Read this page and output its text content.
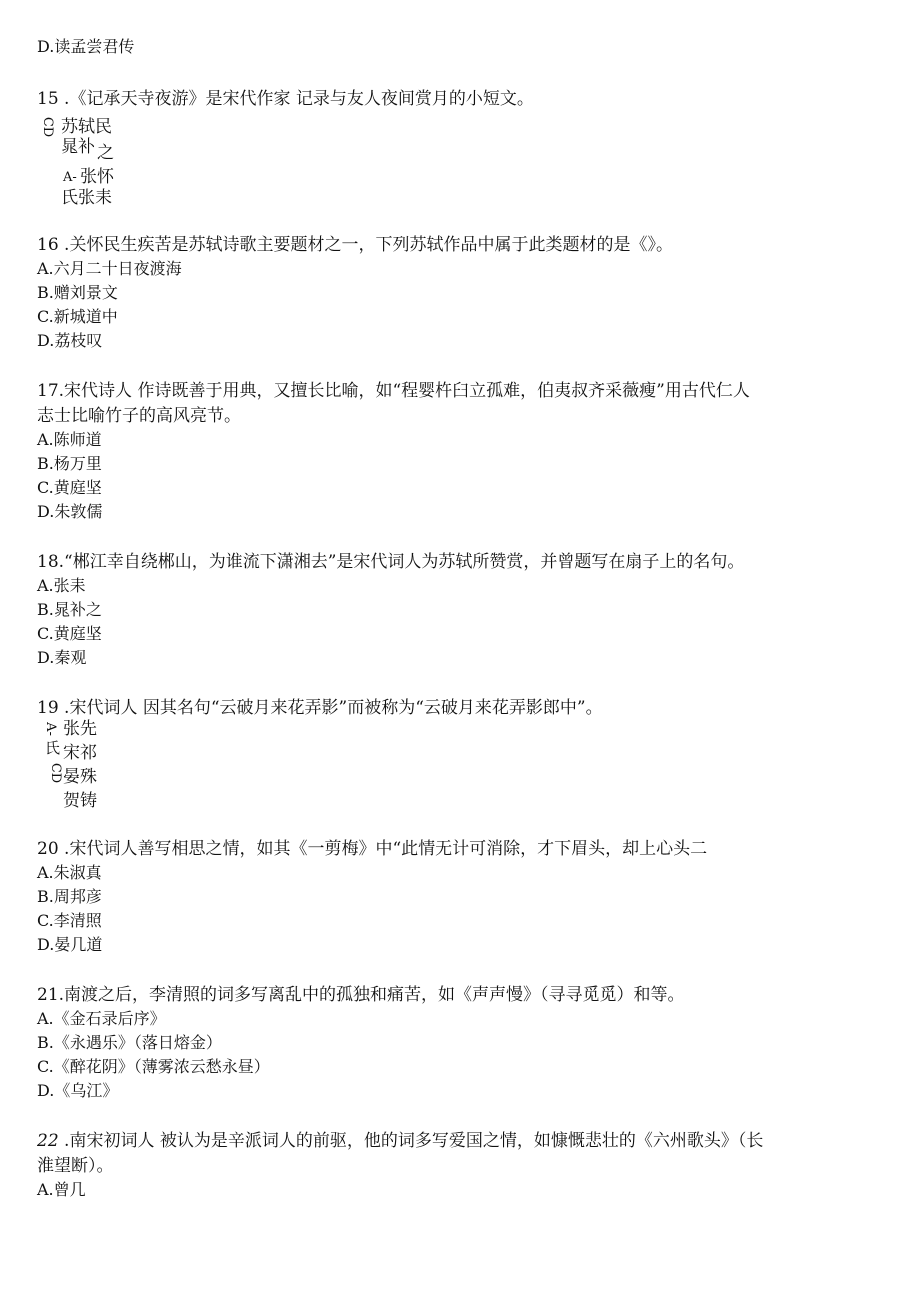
D.读孟尝君传
15 .《记承天寺夜游》是宋代作家 记录与友人夜间赏月的小短文。
CD 苏轼民
晁补 之
A- 张怀
氏张耒
16 .关怀民生疾苦是苏轼诗歌主要题材之一，下列苏轼作品中属于此类题材的是《》。
A.六月二十日夜渡海
B.赠刘景文
C.新城道中
D.荔枝叹
17.宋代诗人 作诗既善于用典，又擅长比喻，如“程婴杵臼立孤难，伯夷叔齐采薇瘦”用古代仁人
志士比喻竹子的高风亮节。
A.陈师道
B.杨万里
C.黄庭坚
D.朱敦儒
18.“郴江幸自绕郴山，为谁流下潇湘去”是宋代词人为苏轼所赞赏，并曾题写在扇子上的名句。
A.张耒
B.晁补之
C.黄庭坚
D.秦观
19 .宋代词人 因其名句“云破月来花弄影”而被称为“云破月来花弄影郎中”。
A- 张先
氏 宋祁
CD 晏殊
贺铸
20 .宋代词人善写相思之情，如其《一剪梅》中“此情无计可消除，才下眉头，却上心头二
A.朱淑真
B.周邦彦
C.李清照
D.晏几道
21.南渡之后，李清照的词多写离乱中的孤独和痛苦，如《声声慢》（寻寻觅觅）和等。
A.《金石录后序》
B.《永遇乐》（落日熔金）
C.《醉花阴》（薄雾浓云愁永昼）
D.《乌江》
22 .南宋初词人 被认为是辛派词人的前驱，他的词多写爱国之情，如慷慨悲壮的《六州歌头》（长
淮望断）。
A.曾几
